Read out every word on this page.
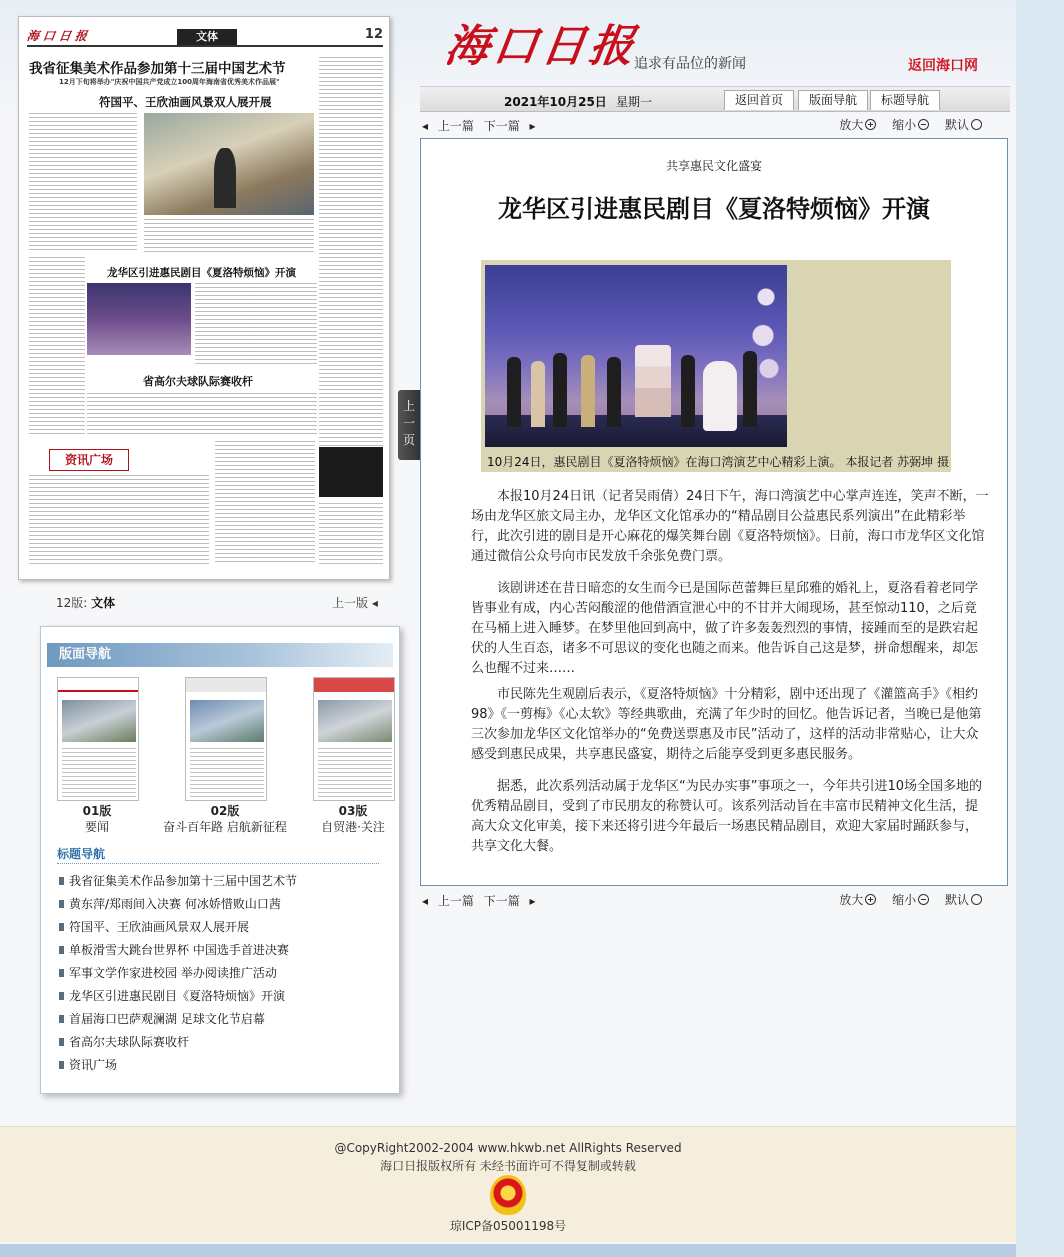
海口日报	文体	12
我省征集美术作品参加第十三届中国艺术节
12月下旬将举办"庆祝中国共产党成立100周年海南省优秀美术作品展"
符国平、王欣油画风景双人展开展
龙华区引进惠民剧目《夏洛特烦恼》开演
省高尔夫球队际赛收杆
资讯广场
12版: 文体	上一版 ◂
版面导航
01版
要闻
02版
奋斗百年路 启航新征程
03版
自贸港·关注
标题导航
我省征集美术作品参加第十三届中国艺术节
黄东萍/郑雨间入决赛 何冰娇惜败山口茜
符国平、王欣油画风景双人展开展
单板滑雪大跳台世界杯 中国选手首进决赛
军事文学作家进校园 举办阅读推广活动
龙华区引进惠民剧目《夏洛特烦恼》开演
首届海口巴萨观澜湖 足球文化节启幕
省高尔夫球队际赛收杆
资讯广场
海口日报
追求有品位的新闻	返回海口网
2021年10月25日 星期一	返回首页	版面导航	标题导航
◂ 上一篇 下一篇 ▸	放大 缩小 默认
上
一
页
共享惠民文化盛宴
龙华区引进惠民剧目《夏洛特烦恼》开演
10月24日，惠民剧目《夏洛特烦恼》在海口湾演艺中心精彩上演。 本报记者 苏弼坤 摄

本报10月24日讯（记者吴雨倩）24日下午，海口湾演艺中心掌声连连，笑声不断，一场由龙华区旅文局主办，龙华区文化馆承办的“精品剧目公益惠民系列演出”在此精彩举行，此次引进的剧目是开心麻花的爆笑舞台剧《夏洛特烦恼》。日前，海口市龙华区文化馆通过微信公众号向市民发放千余张免费门票。

该剧讲述在昔日暗恋的女生而今已是国际芭蕾舞巨星邱雅的婚礼上，夏洛看着老同学皆事业有成，内心苦闷酸涩的他借酒宣泄心中的不甘并大闹现场，甚至惊动110，之后竟在马桶上进入睡梦。在梦里他回到高中，做了许多轰轰烈烈的事情，接踵而至的是跌宕起伏的人生百态，诸多不可思议的变化也随之而来。他告诉自己这是梦，拼命想醒来，却怎么也醒不过来……

市民陈先生观剧后表示，《夏洛特烦恼》十分精彩，剧中还出现了《灌篮高手》《相约98》《一剪梅》《心太软》等经典歌曲，充满了年少时的回忆。他告诉记者，当晚已是他第三次参加龙华区文化馆举办的“免费送票惠及市民”活动了，这样的活动非常贴心，让大众感受到惠民成果，共享惠民盛宴，期待之后能享受到更多惠民服务。

据悉，此次系列活动属于龙华区“为民办实事”事项之一，今年共引进10场全国多地的优秀精品剧目，受到了市民朋友的称赞认可。该系列活动旨在丰富市民精神文化生活，提高大众文化审美，接下来还将引进今年最后一场惠民精品剧目，欢迎大家届时踊跃参与，共享文化大餐。

◂ 上一篇 下一篇 ▸	放大 缩小 默认
@CopyRight2002-2004 www.hkwb.net AllRights Reserved
海口日报版权所有 未经书面许可不得复制或转载
琼ICP备05001198号
